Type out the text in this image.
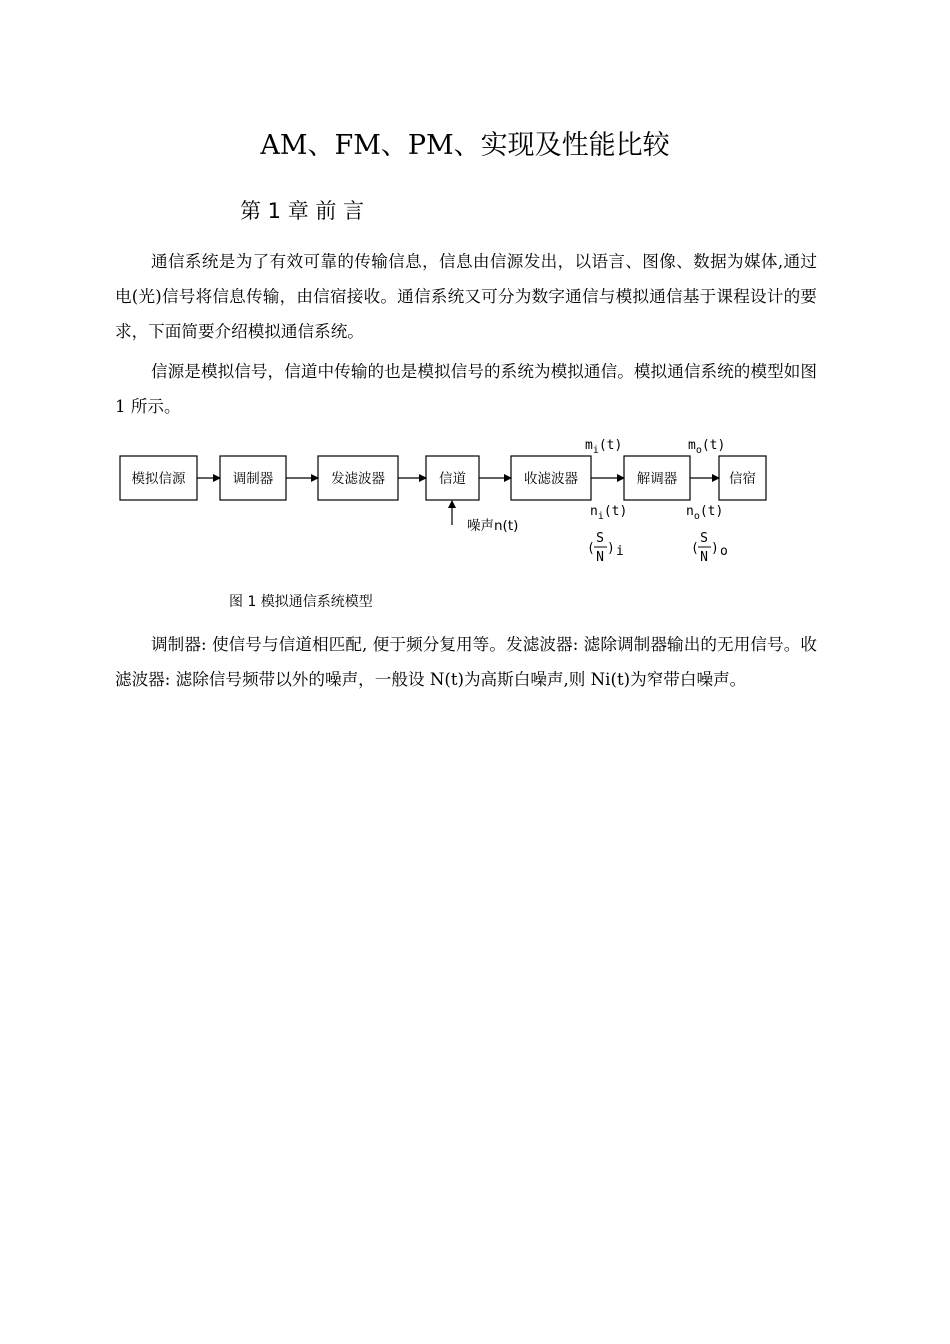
AM、FM、PM、实现及性能比较
第 1 章 前 言

通信系统是为了有效可靠的传输信息，信息由信源发出，以语言、图像、数据为媒体,通过电(光)信号将信息传输，由信宿接收。通信系统又可分为数字通信与模拟通信基于课程设计的要求，下面简要介绍模拟通信系统。

信源是模拟信号，信道中传输的也是模拟信号的系统为模拟通信。模拟通信系统的模型如图 1 所示。

模拟信源	调制器	发滤波器	信道	收滤波器	解调器	信宿
噪声n(t)
$m_i(t)$	$m_o(t)$
$n_i(t)$	$n_o(t)$
(
S
N
) i	(
S
N
) o
图 1 模拟通信系统模型

调制器: 使信号与信道相匹配, 便于频分复用等。发滤波器: 滤除调制器输出的无用信号。收滤波器: 滤除信号频带以外的噪声，一般设 N(t)为高斯白噪声,则 Ni(t)为窄带白噪声。
